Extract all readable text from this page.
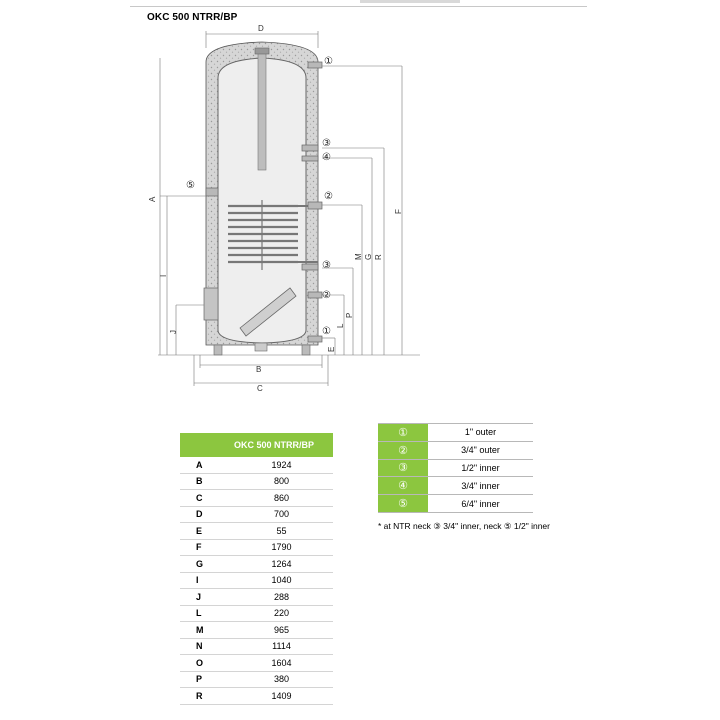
OKC 500 NTRR/BP
D
B
C
A
I
J
F
R
G
M
P
L
E
①
③
④
⑤
②
③
②
①
	OKC 500 NTRR/BP
A	1924
B	800
C	860
D	700
E	55
F	1790
G	1264
I	1040
J	288
L	220
M	965
N	1114
O	1604
P	380
R	1409
①	1" outer
②	3/4" outer
③	1/2" inner
④	3/4" inner
⑤	6/4" inner
* at NTR neck ③ 3/4" inner, neck ⑤ 1/2" inner
